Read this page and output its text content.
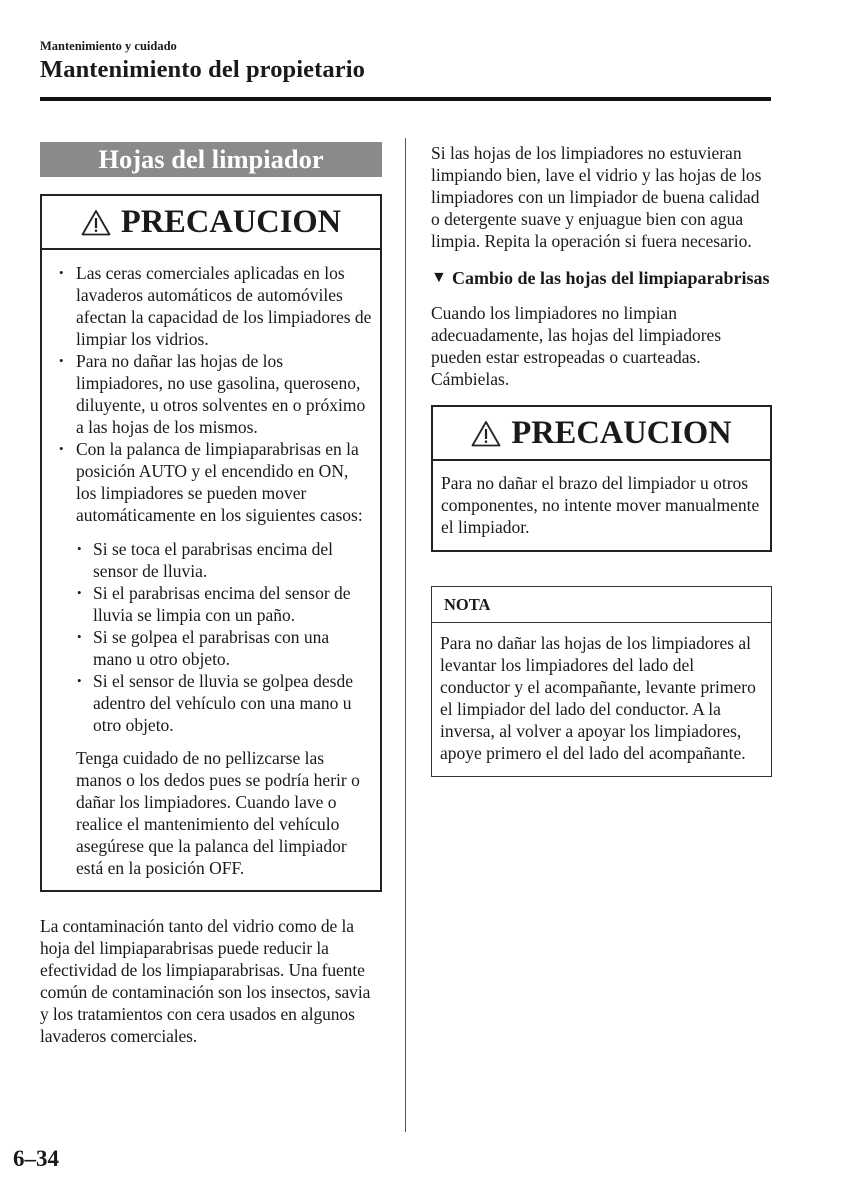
Mantenimiento y cuidado
Mantenimiento del propietario
Hojas del limpiador
PRECAUCION
• Las ceras comerciales aplicadas en los lavaderos automáticos de automóviles afectan la capacidad de los limpiadores de limpiar los vidrios.
• Para no dañar las hojas de los limpiadores, no use gasolina, queroseno, diluyente, u otros solventes en o próximo a las hojas de los mismos.
• Con la palanca de limpiaparabrisas en la posición AUTO y el encendido en ON, los limpiadores se pueden mover automáticamente en los siguientes casos:
• Si se toca el parabrisas encima del sensor de lluvia.
• Si el parabrisas encima del sensor de lluvia se limpia con un paño.
• Si se golpea el parabrisas con una mano u otro objeto.
• Si el sensor de lluvia se golpea desde adentro del vehículo con una mano u otro objeto.

Tenga cuidado de no pellizcarse las manos o los dedos pues se podría herir o dañar los limpiadores. Cuando lave o realice el mantenimiento del vehículo asegúrese que la palanca del limpiador está en la posición OFF.

La contaminación tanto del vidrio como de la hoja del limpiaparabrisas puede reducir la efectividad de los limpiaparabrisas. Una fuente común de contaminación son los insectos, savia y los tratamientos con cera usados en algunos lavaderos comerciales.

Si las hojas de los limpiadores no estuvieran limpiando bien, lave el vidrio y las hojas de los limpiadores con un limpiador de buena calidad o detergente suave y enjuague bien con agua limpia. Repita la operación si fuera necesario.

▼ Cambio de las hojas del limpiaparabrisas

Cuando los limpiadores no limpian adecuadamente, las hojas del limpiadores pueden estar estropeadas o cuarteadas. Cámbielas.

PRECAUCION

Para no dañar el brazo del limpiador u otros componentes, no intente mover manualmente el limpiador.

NOTA
Para no dañar las hojas de los limpiadores al levantar los limpiadores del lado del conductor y el acompañante, levante primero el limpiador del lado del conductor. A la inversa, al volver a apoyar los limpiadores, apoye primero el del lado del acompañante.
6–34
